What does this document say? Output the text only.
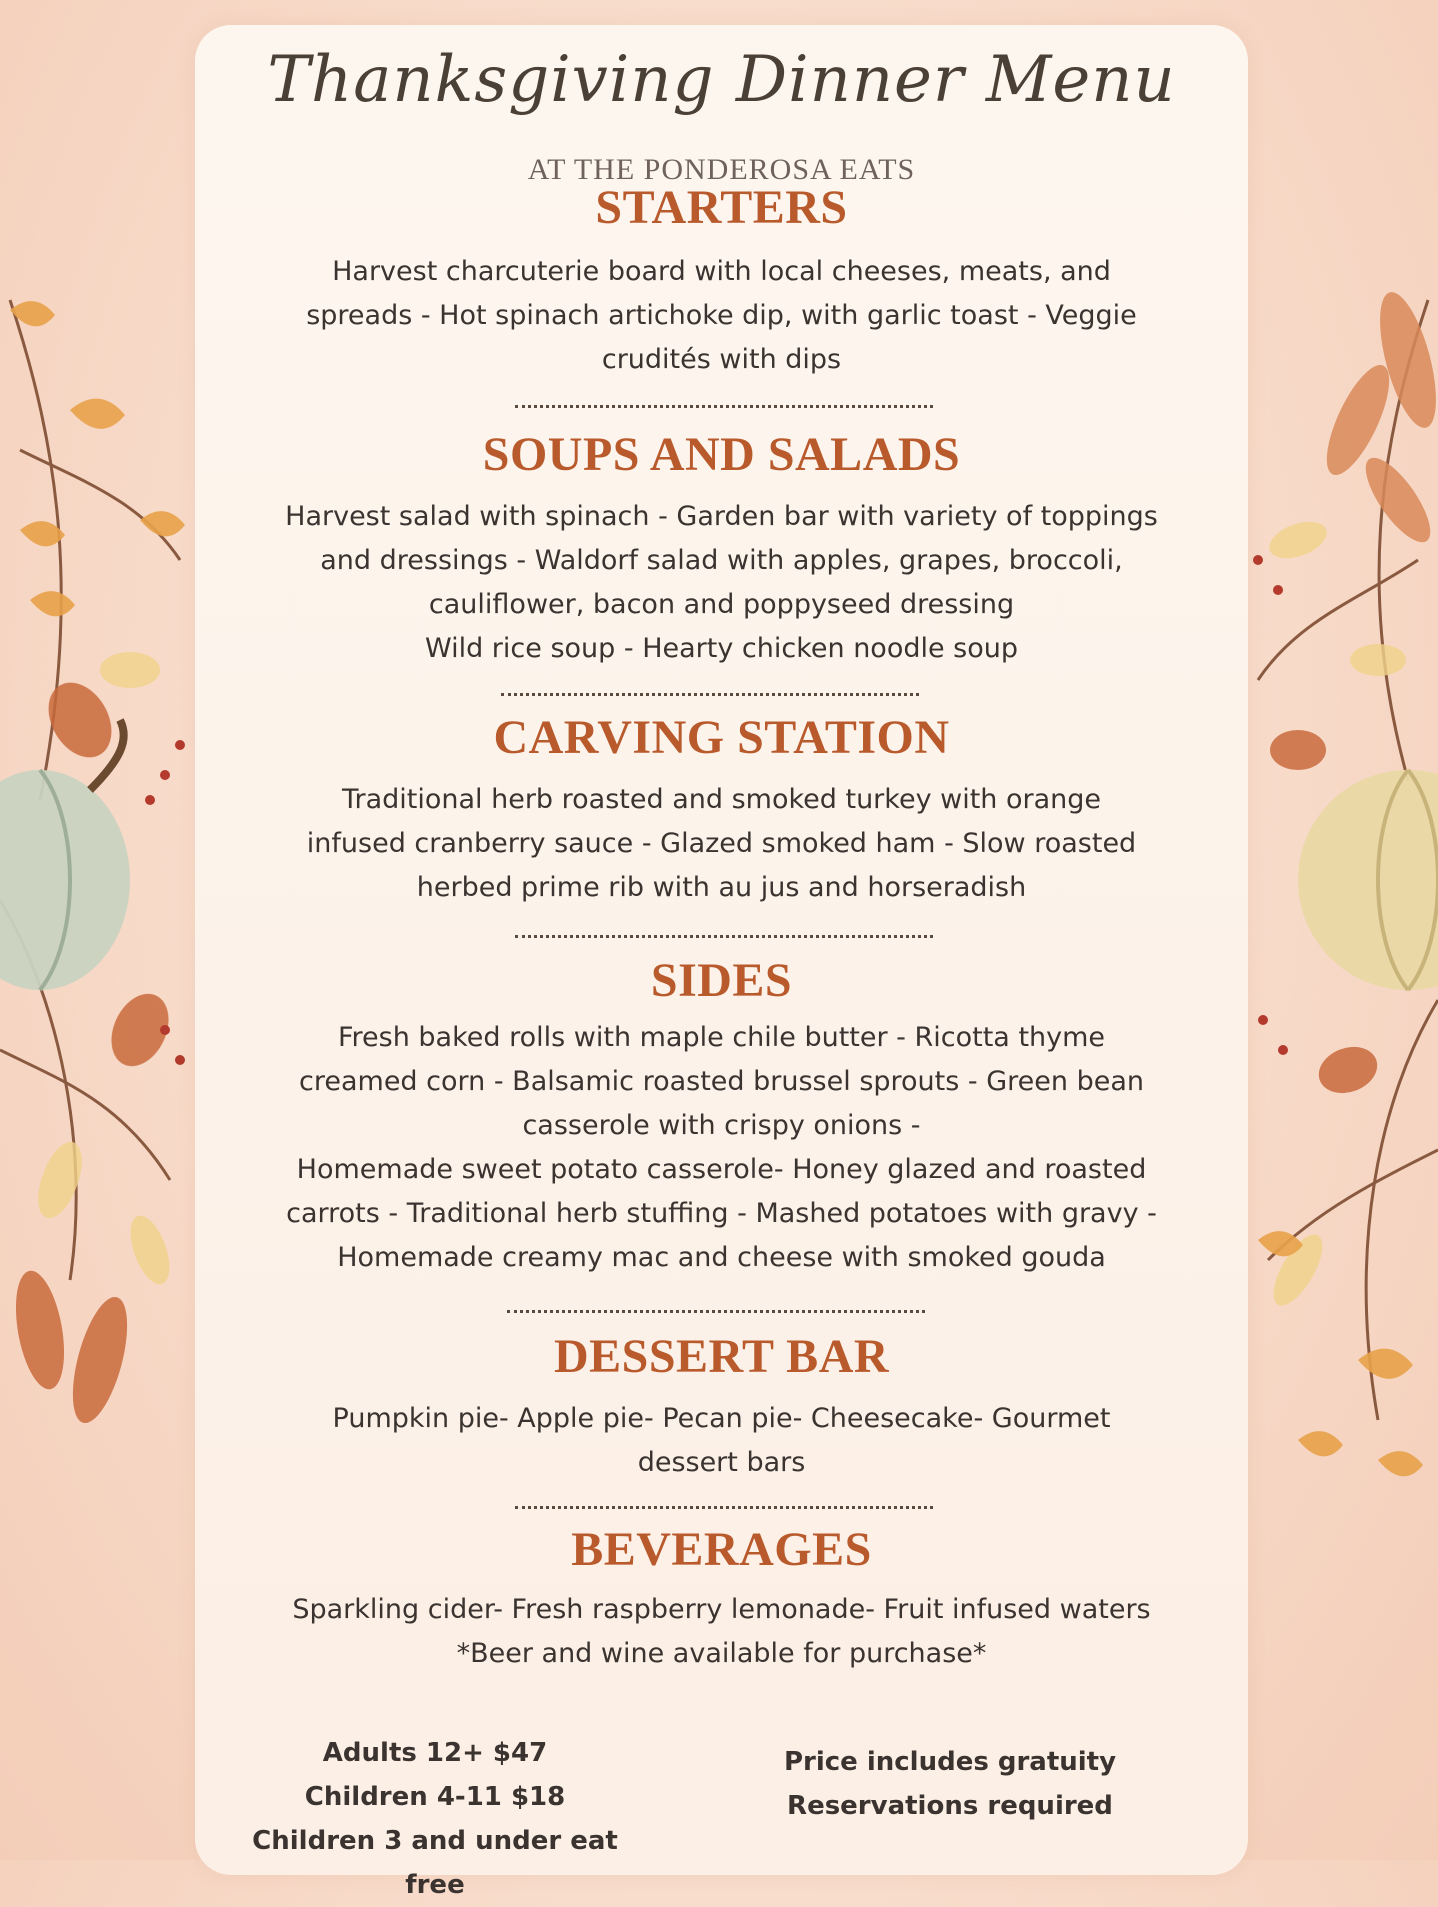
Thanksgiving Dinner Menu
AT THE PONDEROSA EATS
STARTERS
Harvest charcuterie board with local cheeses, meats, and
spreads - Hot spinach artichoke dip, with garlic toast - Veggie
crudités with dips
SOUPS AND SALADS
Harvest salad with spinach - Garden bar with variety of toppings
and dressings - Waldorf salad with apples, grapes, broccoli,
cauliflower, bacon and poppyseed dressing
Wild rice soup - Hearty chicken noodle soup
CARVING STATION
Traditional herb roasted and smoked turkey with orange
infused cranberry sauce - Glazed smoked ham - Slow roasted
herbed prime rib with au jus and horseradish
SIDES
Fresh baked rolls with maple chile butter - Ricotta thyme
creamed corn - Balsamic roasted brussel sprouts - Green bean
casserole with crispy onions -
Homemade sweet potato casserole- Honey glazed and roasted
carrots - Traditional herb stuffing - Mashed potatoes with gravy -
Homemade creamy mac and cheese with smoked gouda
DESSERT BAR
Pumpkin pie- Apple pie- Pecan pie- Cheesecake- Gourmet
dessert bars
BEVERAGES
Sparkling cider- Fresh raspberry lemonade- Fruit infused waters
*Beer and wine available for purchase*
Adults 12+ $47
Children 4-11 $18
Children 3 and under eat free
Price includes gratuity
Reservations required
